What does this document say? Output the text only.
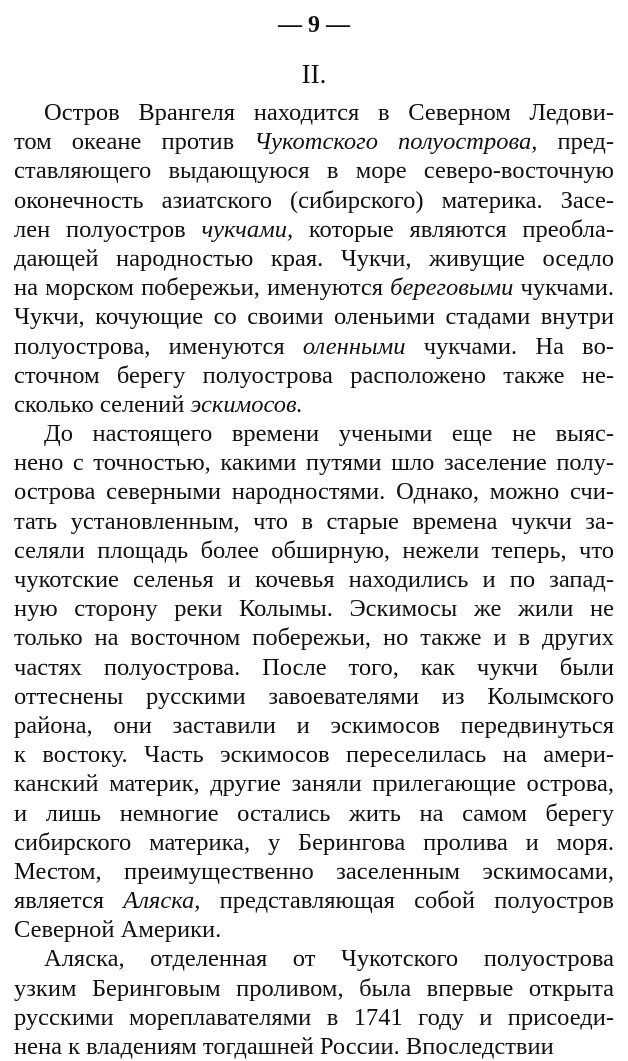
— 9 —
II.
Остров Врангеля находится в Северном Ледови-
том океане против Чукотского полуострова, пред-
ставляющего выдающуюся в море северо-восточную
оконечность азиатского (сибирского) материка. Засе-
лен полуостров чукчами, которые являются преобла-
дающей народностью края. Чукчи, живущие оседло
на морском побережьи, именуются береговыми чукчами.
Чукчи, кочующие со своими оленьими стадами внутри
полуострова, именуются оленными чукчами. На во-
сточном берегу полуострова расположено также не-
сколько селений эскимосов.
До настоящего времени учеными еще не выяс-
нено с точностью, какими путями шло заселение полу-
острова северными народностями. Однако, можно счи-
тать установленным, что в старые времена чукчи за-
селяли площадь более обширную, нежели теперь, что
чукотские селенья и кочевья находились и по запад-
ную сторону реки Колымы. Эскимосы же жили не
только на восточном побережьи, но также и в других
частях полуострова. После того, как чукчи были
оттеснены русскими завоевателями из Колымского
района, они заставили и эскимосов передвинуться
к востоку. Часть эскимосов переселилась на амери-
канский материк, другие заняли прилегающие острова,
и лишь немногие остались жить на самом берегу
сибирского материка, у Берингова пролива и моря.
Местом, преимущественно заселенным эскимосами,
является Аляска, представляющая собой полуостров
Северной Америки.
Аляска, отделенная от Чукотского полуострова
узким Беринговым проливом, была впервые открыта
русскими мореплавателями в 1741 году и присоеди-
нена к владениям тогдашней России. Впоследствии
